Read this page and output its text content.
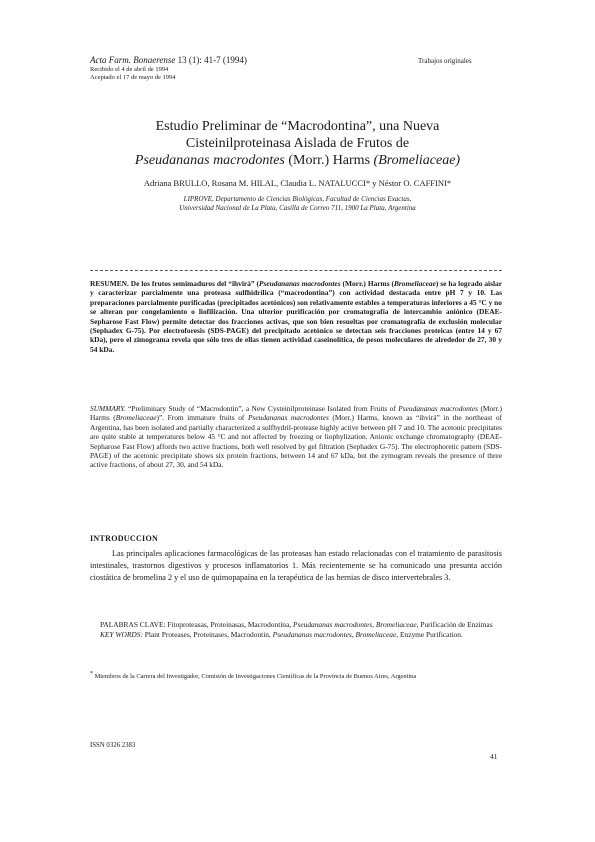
Acta Farm. Bonaerense 13 (1): 41-7 (1994)
Recibido el 4 de abril de 1994
Aceptado el 17 de mayo de 1994
Trabajos originales
Estudio Preliminar de “Macrodontina”, una Nueva
Cisteinilproteinasa Aislada de Frutos de
Pseudananas macrodontes (Morr.) Harms (Bromeliaceae)
Adriana BRULLO, Rosana M. HILAL, Claudia L. NATALUCCI* y Néstor O. CAFFINI*
LIPROVE, Departamento de Ciencias Biológicas, Facultad de Ciencias Exactas,
Universidad Nacional de La Plata, Casilla de Correo 711, 1900 La Plata, Argentina
RESUMEN. De los frutos semimaduros del “ihvirá” (Pseudananas macrodontes (Morr.) Harms (Bromeliaceae) se ha logrado aislar y caracterizar parcialmente una proteasa sulfhidrílica (“macrodontina”) con actividad destacada entre pH 7 y 10. Las preparaciones parcialmente purificadas (precipitados acetónicos) son relativamente estables a temperaturas inferiores a 45 °C y no se alteran por congelamiento o liofilización. Una ulterior purificación por cromatografía de intercambio aniónico (DEAE-Sepharose Fast Flow) permite detectar dos fracciones activas, que son bien resueltas por cromatografía de exclusión molecular (Sephadex G-75). Por electroforesis (SDS-PAGE) del precipitado acetónico se detectan seis fracciones proteicas (entre 14 y 67 kDa), pero el zimograma revela que sólo tres de ellas tienen actividad caseinolítica, de pesos moleculares de alrededor de 27, 30 y 54 kDa.
SUMMARY. “Preliminary Study of “Macrodontin”, a New Cysteinilproteinase Isolated from Fruits of Pseudananas macrodontes (Morr.) Harms (Bromeliaceae)”. From immature fruits of Pseudananas macrodontes (Morr.) Harms, known as “ihvirá” in the northeast of Argentina, has been isolated and partially characterized a sulfhydril-protease highly active between pH 7 and 10. The acetonic precipitates are quite stable at temperatures below 45 °C and not affected by freezing or liophylization. Anionic exchange chromatography (DEAE-Sepharose Fast Flow) affords two active fractions, both well resolved by gel filtration (Sephadex G-75). The electrophoretic pattern (SDS-PAGE) of the acetonic precipitate shows six protein fractions, between 14 and 67 kDa, but the zymogram reveals the presence of three active fractions, of about 27, 30, and 54 kDa.
INTRODUCCION
Las principales aplicaciones farmacológicas de las proteasas han estado relacionadas con el tratamiento de parasitosis intestinales, trastornos digestivos y procesos inflamatorios 1. Más recientemente se ha comunicado una presunta acción ciostática de bromelina 2 y el uso de quimopapaína en la terapéutica de las hernias de disco intervertebrales 3.
PALABRAS CLAVE: Fitoproteasas, Proteinasas, Macrodontina, Pseudananas macrodontes, Bromeliaceae, Purificación de Enzimas
KEY WORDS: Plant Proteases, Proteinases, Macrodontin, Pseudananas macrodontes, Bromeliaceae, Enzyme Purification.
* Miembros de la Carrera del Investigador, Comisión de Investigaciones Científicas de la Provincia de Buenos Aires, Argentina
ISSN 0326 2383
41
